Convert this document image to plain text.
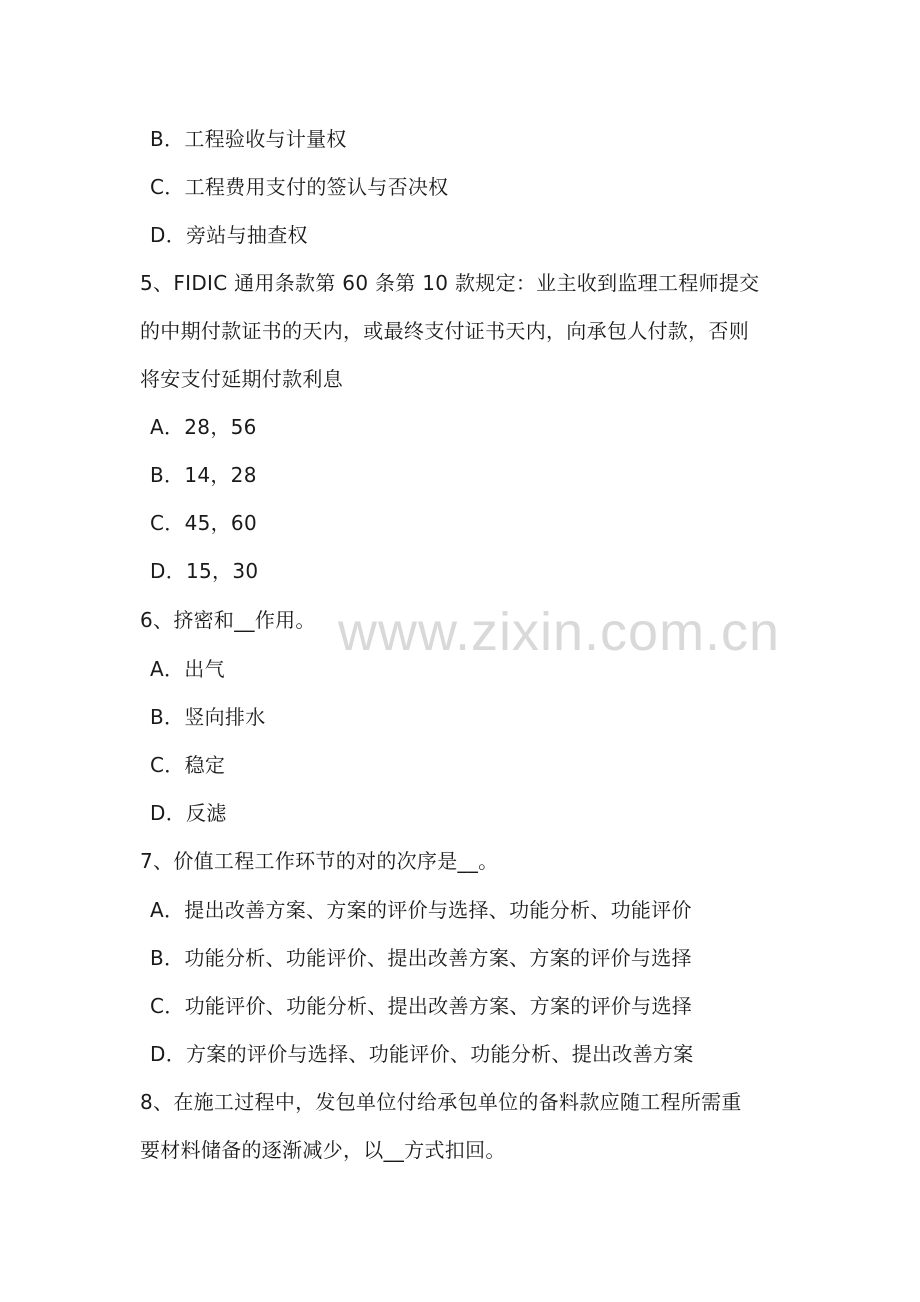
B．工程验收与计量权
C．工程费用支付的签认与否决权
D．旁站与抽查权
5、FIDIC 通用条款第 60 条第 10 款规定：业主收到监理工程师提交
的中期付款证书的天内，或最终支付证书天内，向承包人付款，否则
将安支付延期付款利息
A．28，56
B．14，28
C．45，60
D．15，30
6、挤密和__作用。
A．出气
B．竖向排水
C．稳定
D．反滤
7、价值工程工作环节的对的次序是__。
A．提出改善方案、方案的评价与选择、功能分析、功能评价
B．功能分析、功能评价、提出改善方案、方案的评价与选择
C．功能评价、功能分析、提出改善方案、方案的评价与选择
D．方案的评价与选择、功能评价、功能分析、提出改善方案
8、在施工过程中，发包单位付给承包单位的备料款应随工程所需重
要材料储备的逐渐减少，以__方式扣回。
www.zixin.com.cn
